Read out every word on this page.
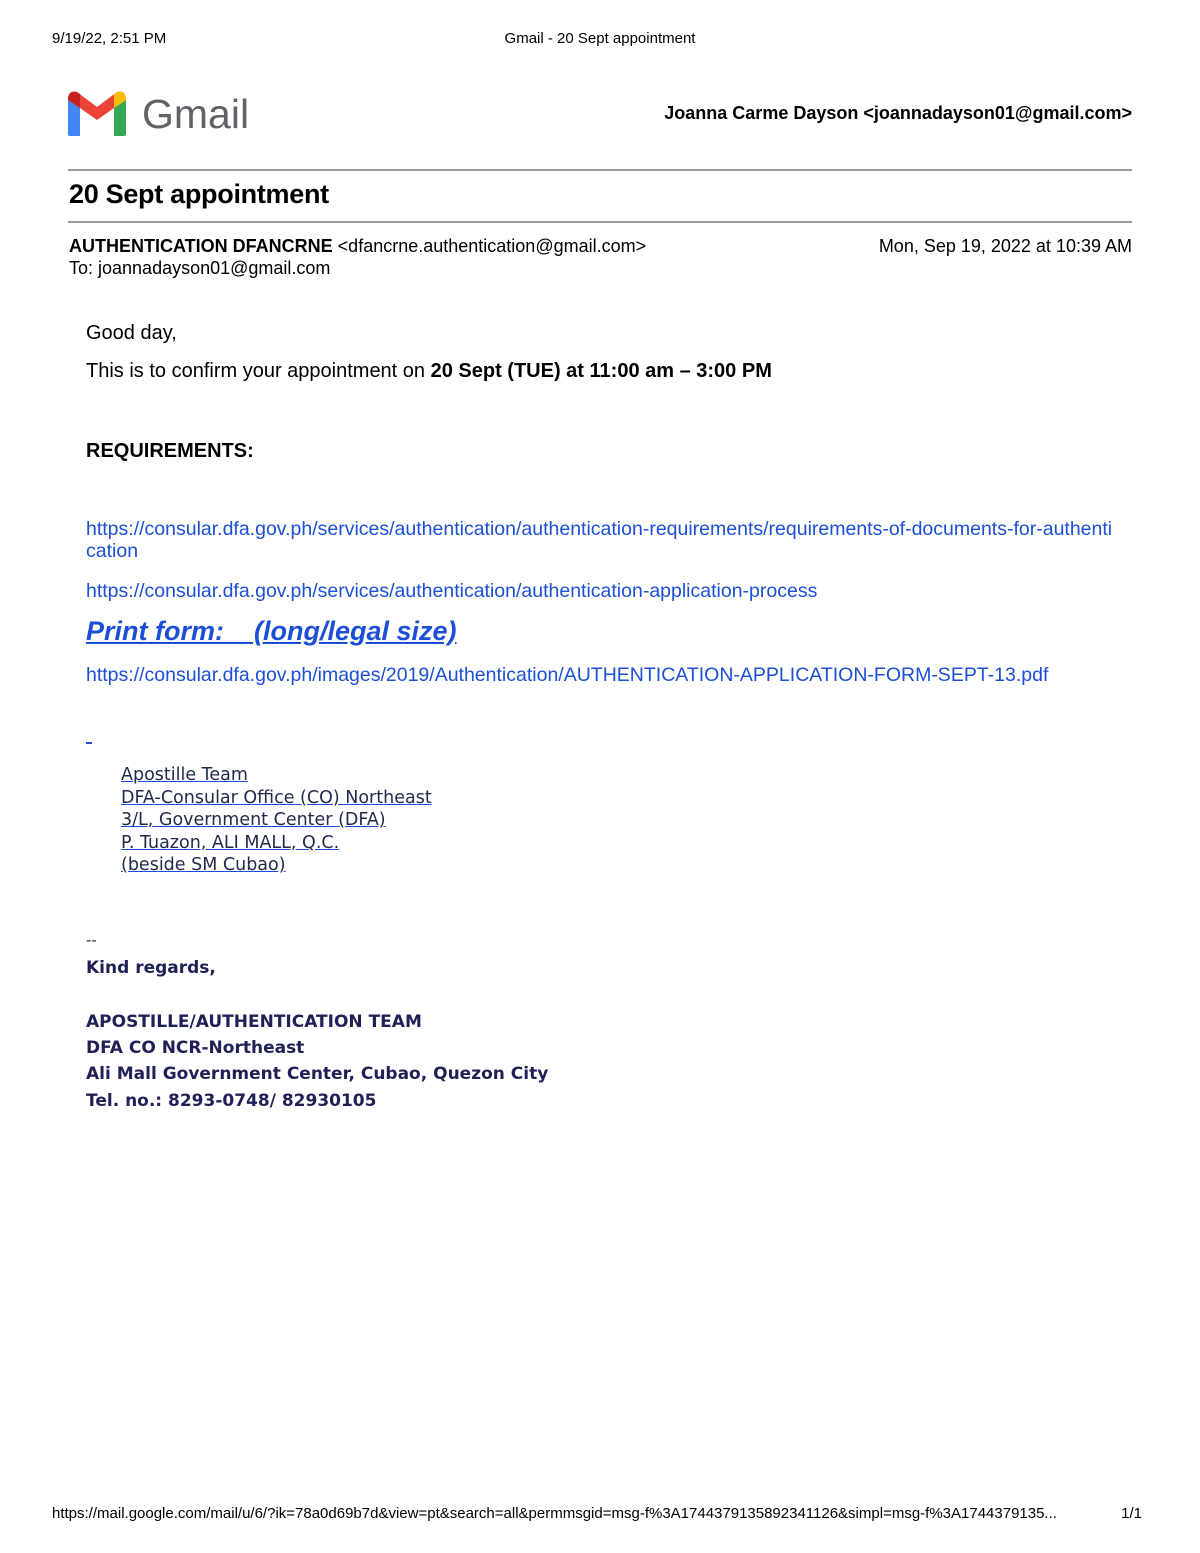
9/19/22, 2:51 PM	Gmail - 20 Sept appointment
Gmail	Joanna Carme Dayson <joannadayson01@gmail.com>
20 Sept appointment
AUTHENTICATION DFANCRNE <dfancrne.authentication@gmail.com>	Mon, Sep 19, 2022 at 10:39 AM
To: joannadayson01@gmail.com
Good day,
This is to confirm your appointment on 20 Sept (TUE) at 11:00 am – 3:00 PM
REQUIREMENTS:
https://consular.dfa.gov.ph/services/authentication/authentication-requirements/requirements-of-documents-for-authentication
https://consular.dfa.gov.ph/services/authentication/authentication-application-process
Print form:    (long/legal size)
https://consular.dfa.gov.ph/images/2019/Authentication/AUTHENTICATION-APPLICATION-FORM-SEPT-13.pdf
Apostille Team
DFA-Consular Office (CO) Northeast
3/L, Government Center (DFA)
P. Tuazon, ALI MALL, Q.C.
(beside SM Cubao)
--
Kind regards,
APOSTILLE/AUTHENTICATION TEAM
DFA CO NCR-Northeast
Ali Mall Government Center, Cubao, Quezon City
Tel. no.: 8293-0748/ 82930105
https://mail.google.com/mail/u/6/?ik=78a0d69b7d&view=pt&search=all&permmsgid=msg-f%3A1744379135892341126&simpl=msg-f%3A1744379135...	1/1
